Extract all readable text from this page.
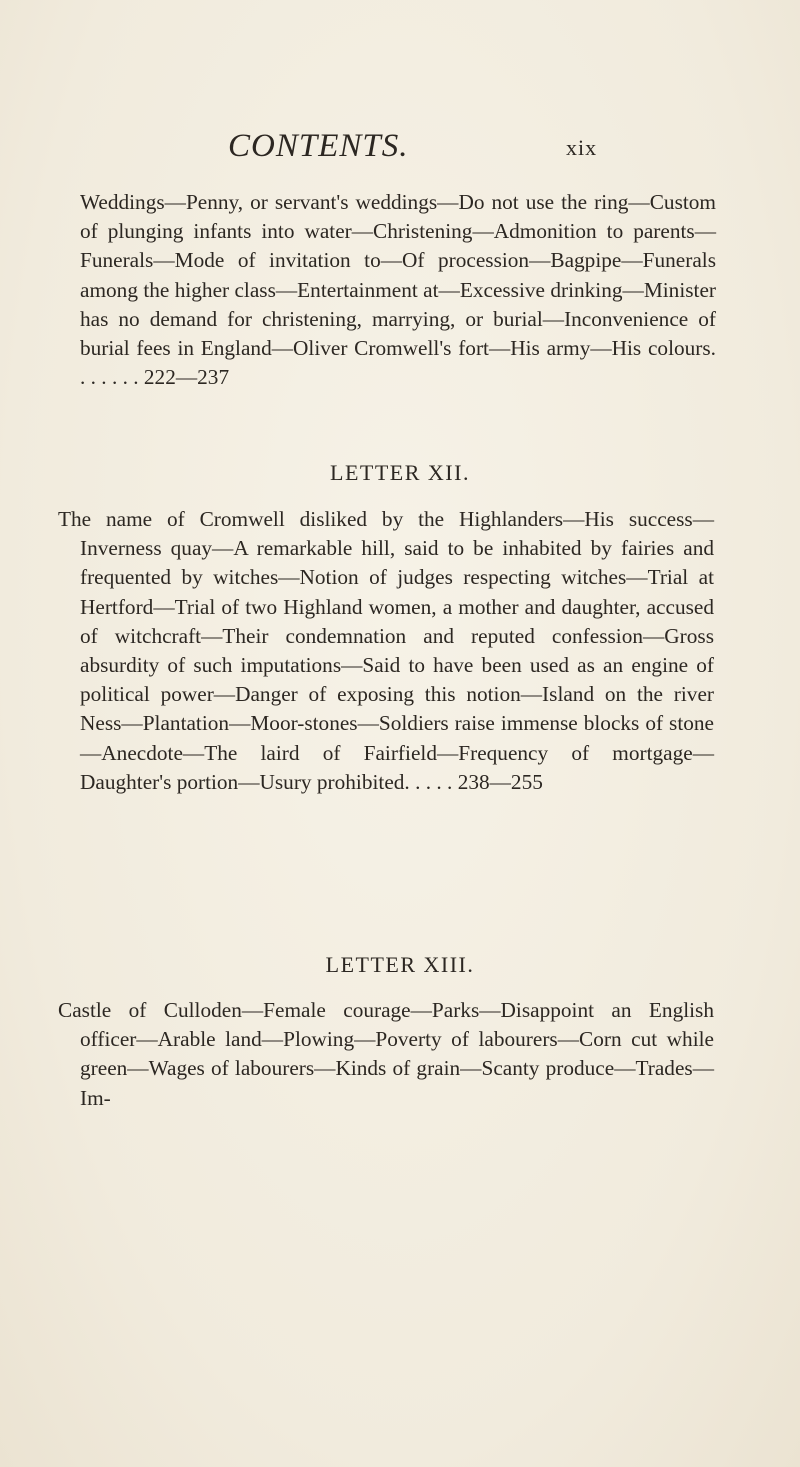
CONTENTS.	xix

Weddings—Penny, or servant's weddings—Do not use the ring—Custom of plunging infants into water—Christening—Admonition to parents—Funerals—Mode of invitation to—Of procession—Bagpipe—Funerals among the higher class—Entertainment at—Excessive drinking—Minister has no demand for christening, marrying, or burial—Inconvenience of burial fees in England—Oliver Cromwell's fort—His army—His colours. . . . . . . 222—237

LETTER XII.

The name of Cromwell disliked by the Highlanders—His success—Inverness quay—A remarkable hill, said to be inhabited by fairies and frequented by witches—Notion of judges respecting witches—Trial at Hertford—Trial of two Highland women, a mother and daughter, accused of witchcraft—Their condemnation and reputed confession—Gross absurdity of such imputations—Said to have been used as an engine of political power—Danger of exposing this notion—Island on the river Ness—Plantation—Moor-stones—Soldiers raise immense blocks of stone—Anecdote—The laird of Fairfield—Frequency of mortgage—Daughter's portion—Usury prohibited. . . . . 238—255

LETTER XIII.

Castle of Culloden—Female courage—Parks—Disappoint an English officer—Arable land—Plowing—Poverty of labourers—Corn cut while green—Wages of labourers—Kinds of grain—Scanty produce—Trades— Im-
